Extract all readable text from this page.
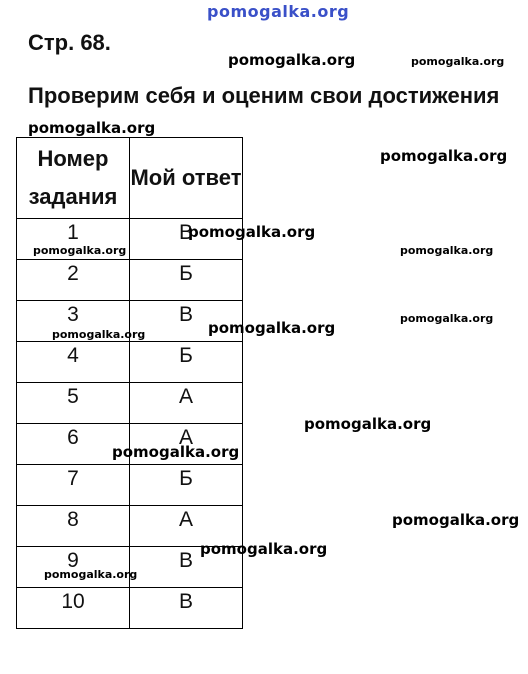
pomogalka.org
Стр. 68.
pomogalka.org	pomogalka.org
Проверим себя и оценим свои достижения
pomogalka.org
Номер задания	Мой ответ

1	В

2	Б

3	В

4	Б

5	А

6	А

7	Б

8	А

9	В

10	В
pomogalka.org
pomogalka.org
pomogalka.org	pomogalka.org
pomogalka.org
pomogalka.org
pomogalka.org
pomogalka.org
pomogalka.org
pomogalka.org
pomogalka.org
pomogalka.org
